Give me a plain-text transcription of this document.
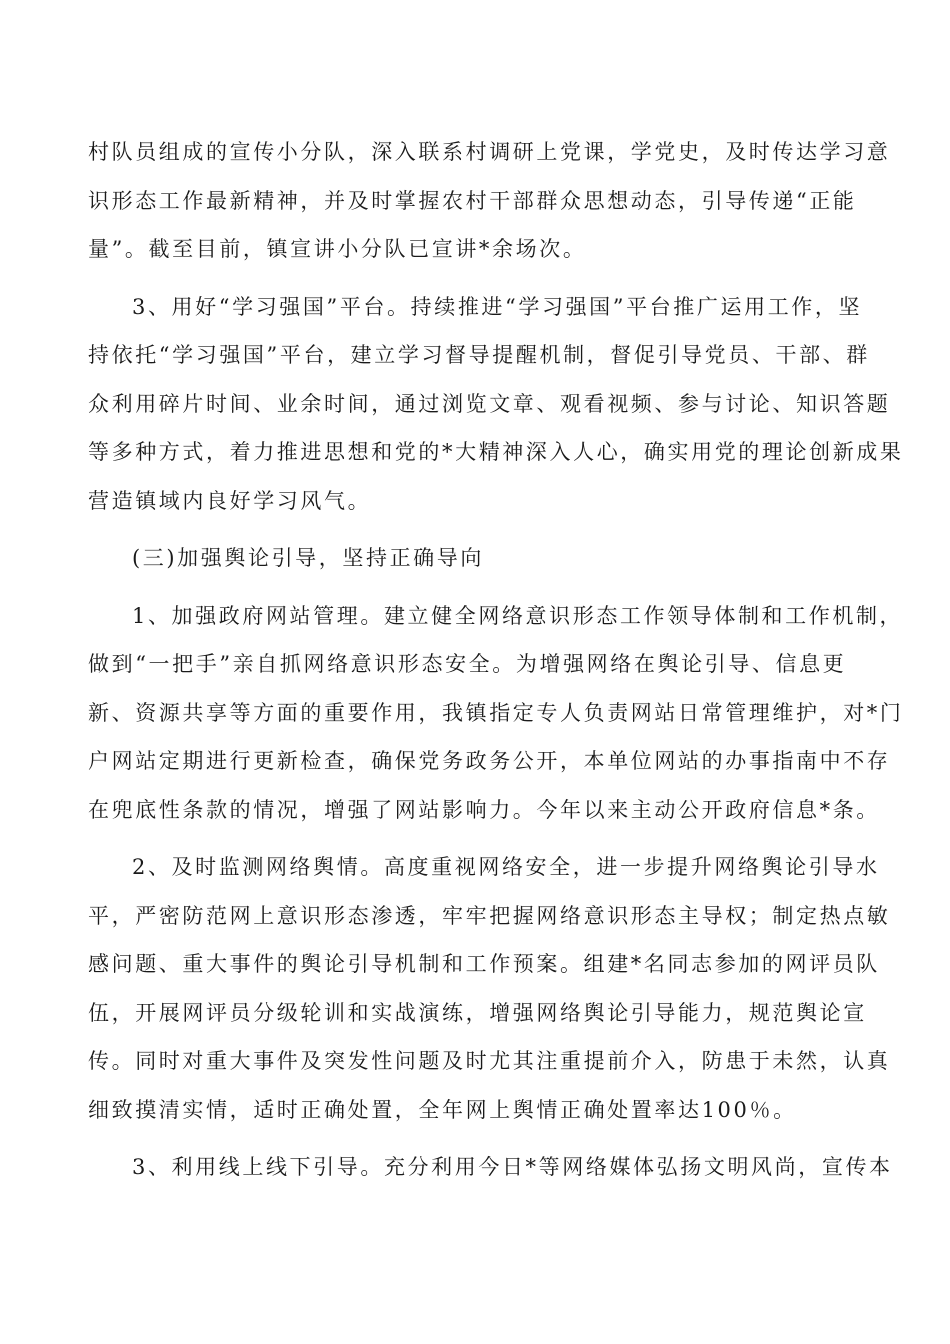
村队员组成的宣传小分队，深入联系村调研上党课，学党史，及时传达学习意
识形态工作最新精神，并及时掌握农村干部群众思想动态，引导传递“正能
量”。截至目前，镇宣讲小分队已宣讲*余场次。
3、用好“学习强国”平台。持续推进“学习强国”平台推广运用工作，坚
持依托“学习强国”平台，建立学习督导提醒机制，督促引导党员、干部、群
众利用碎片时间、业余时间，通过浏览文章、观看视频、参与讨论、知识答题
等多种方式，着力推进思想和党的*大精神深入人心，确实用党的理论创新成果
营造镇域内良好学习风气。
(三)加强舆论引导，坚持正确导向
1、加强政府网站管理。建立健全网络意识形态工作领导体制和工作机制，
做到“一把手”亲自抓网络意识形态安全。为增强网络在舆论引导、信息更
新、资源共享等方面的重要作用，我镇指定专人负责网站日常管理维护，对*门
户网站定期进行更新检查，确保党务政务公开，本单位网站的办事指南中不存
在兜底性条款的情况，增强了网站影响力。今年以来主动公开政府信息*条。
2、及时监测网络舆情。高度重视网络安全，进一步提升网络舆论引导水
平，严密防范网上意识形态渗透，牢牢把握网络意识形态主导权；制定热点敏
感问题、重大事件的舆论引导机制和工作预案。组建*名同志参加的网评员队
伍，开展网评员分级轮训和实战演练，增强网络舆论引导能力，规范舆论宣
传。同时对重大事件及突发性问题及时尤其注重提前介入，防患于未然，认真
细致摸清实情，适时正确处置，全年网上舆情正确处置率达100％。
3、利用线上线下引导。充分利用今日*等网络媒体弘扬文明风尚，宣传本
